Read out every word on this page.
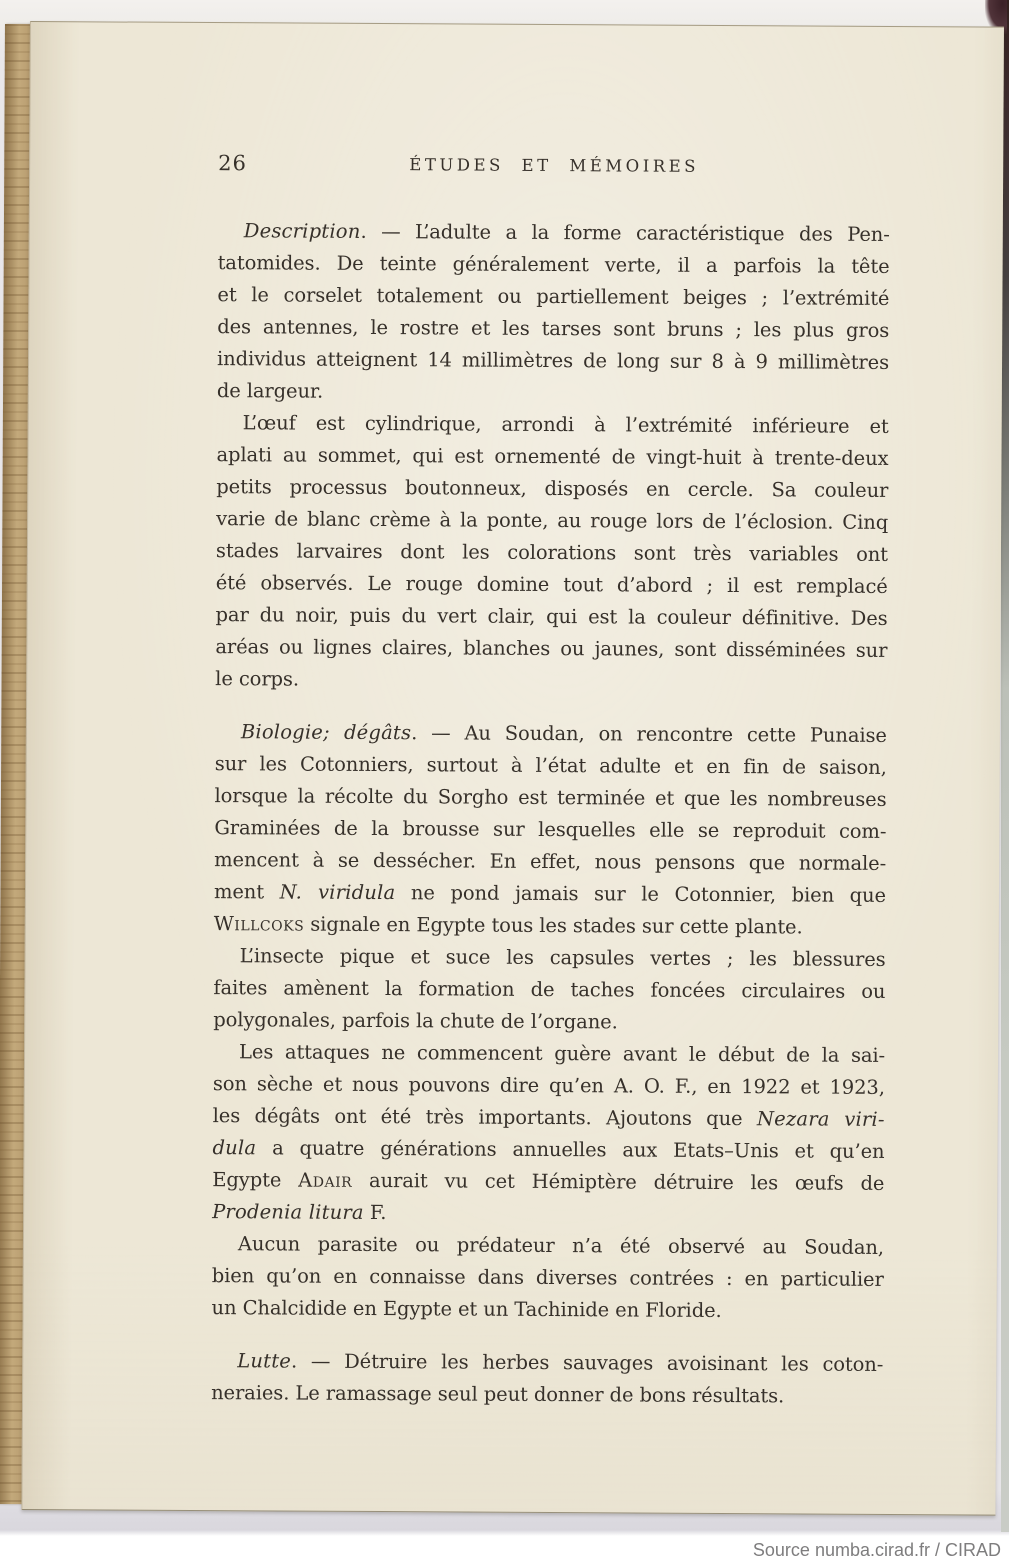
26	ÉTUDES ET MÉMOIRES
Description. — L’adulte a la forme caractéristique des Pen-
tatomides. De teinte généralement verte, il a parfois la tête
et le corselet totalement ou partiellement beiges ; l’extrémité
des antennes, le rostre et les tarses sont bruns ; les plus gros
individus atteignent 14 millimètres de long sur 8 à 9 millimètres
de largeur.
L’œuf est cylindrique, arrondi à l’extrémité inférieure et
aplati au sommet, qui est ornementé de vingt-huit à trente-deux
petits processus boutonneux, disposés en cercle. Sa couleur
varie de blanc crème à la ponte, au rouge lors de l’éclosion. Cinq
stades larvaires dont les colorations sont très variables ont
été observés. Le rouge domine tout d’abord ; il est remplacé
par du noir, puis du vert clair, qui est la couleur définitive. Des
aréas ou lignes claires, blanches ou jaunes, sont disséminées sur
le corps.
Biologie; dégâts. — Au Soudan, on rencontre cette Punaise
sur les Cotonniers, surtout à l’état adulte et en fin de saison,
lorsque la récolte du Sorgho est terminée et que les nombreuses
Graminées de la brousse sur lesquelles elle se reproduit com-
mencent à se dessécher. En effet, nous pensons que normale-
ment N. viridula ne pond jamais sur le Cotonnier, bien que
Willcoks signale en Egypte tous les stades sur cette plante.
L’insecte pique et suce les capsules vertes ; les blessures
faites amènent la formation de taches foncées circulaires ou
polygonales, parfois la chute de l’organe.
Les attaques ne commencent guère avant le début de la sai-
son sèche et nous pouvons dire qu’en A. O. F., en 1922 et 1923,
les dégâts ont été très importants. Ajoutons que Nezara viri-
dula a quatre générations annuelles aux Etats–Unis et qu’en
Egypte Adair aurait vu cet Hémiptère détruire les œufs de
Prodenia litura F.
Aucun parasite ou prédateur n’a été observé au Soudan,
bien qu’on en connaisse dans diverses contrées : en particulier
un Chalcidide en Egypte et un Tachinide en Floride.
Lutte. — Détruire les herbes sauvages avoisinant les coton-
neraies. Le ramassage seul peut donner de bons résultats.
Source numba.cirad.fr / CIRAD
